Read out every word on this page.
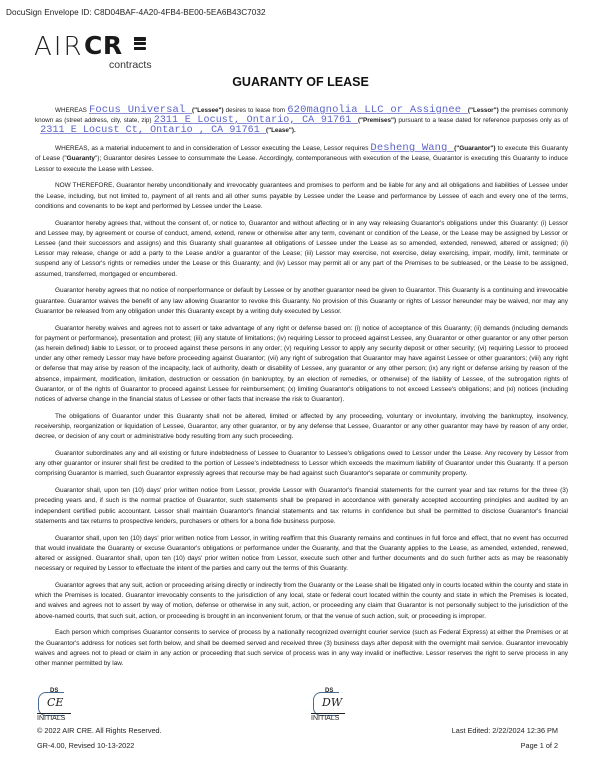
DocuSign Envelope ID: C8D04BAF-4A20-4FB4-BE00-5EA6B43C7032
AIR CR
contracts
GUARANTY OF LEASE

WHEREAS Focus Universal ("Lessee") desires to lease from 620magnolia LLC or Assignee ("Lessor") the premises commonly known as (street address, city, state, zip) 2311 E Locust, Ontario, CA 91761 ("Premises") pursuant to a lease dated for reference purposes only as of    2311 E Locust Ct, Ontario , CA 91761 ("Lease").

WHEREAS, as a material inducement to and in consideration of Lessor executing the Lease, Lessor requires Desheng Wang ("Guarantor") to execute this Guaranty of Lease ("Guaranty"); Guarantor desires Lessee to consummate the Lease. Accordingly, contemporaneous with execution of the Lease, Guarantor is executing this Guaranty to induce Lessor to execute the Lease with Lessee.

NOW THEREFORE, Guarantor hereby unconditionally and irrevocably guarantees and promises to perform and be liable for any and all obligations and liabilities of Lessee under the Lease, including, but not limited to, payment of all rents and all other sums payable by Lessee under the Lease and performance by Lessee of each and every one of the terms, conditions and covenants to be kept and performed by Lessee under the Lease.

Guarantor hereby agrees that, without the consent of, or notice to, Guarantor and without affecting or in any way releasing Guarantor's obligations under this Guaranty: (i) Lessor and Lessee may, by agreement or course of conduct, amend, extend, renew or otherwise alter any term, covenant or condition of the Lease, or the Lease may be assigned by Lessor or Lessee (and their successors and assigns) and this Guaranty shall guarantee all obligations of Lessee under the Lease as so amended, extended, renewed, altered or assigned; (ii) Lessor may release, change or add a party to the Lease and/or a guarantor of the Lease; (iii) Lessor may exercise, not exercise, delay exercising, impair, modify, limit, terminate or suspend any of Lessor's rights or remedies under the Lease or this Guaranty; and (iv) Lessor may permit all or any part of the Premises to be subleased, or the Lease to be assigned, assumed, transferred, mortgaged or encumbered.

Guarantor hereby agrees that no notice of nonperformance or default by Lessee or by another guarantor need be given to Guarantor. This Guaranty is a continuing and irrevocable guarantee. Guarantor waives the benefit of any law allowing Guarantor to revoke this Guaranty. No provision of this Guaranty or rights of Lessor hereunder may be waived, nor may any Guarantor be released from any obligation under this Guaranty except by a writing duly executed by Lessor.

Guarantor hereby waives and agrees not to assert or take advantage of any right or defense based on: (i) notice of acceptance of this Guaranty; (ii) demands (including demands for payment or performance), presentation and protest; (iii) any statute of limitations; (iv) requiring Lessor to proceed against Lessee, any Guarantor or other guarantor or any other person (as herein defined) liable to Lessor, or to proceed against these persons in any order; (v) requiring Lessor to apply any security deposit or other security; (vi) requiring Lessor to proceed under any other remedy Lessor may have before proceeding against Guarantor; (vii) any right of subrogation that Guarantor may have against Lessee or other guarantors; (viii) any right or defense that may arise by reason of the incapacity, lack of authority, death or disability of Lessee, any guarantor or any other person; (ix) any right or defense arising by reason of the absence, impairment, modification, limitation, destruction or cessation (in bankruptcy, by an election of remedies, or otherwise) of the liability of Lessee, of the subrogation rights of Guarantor, or of the rights of Guarantor to proceed against Lessee for reimbursement; (x) limiting Guarantor's obligations to not exceed Lessee's obligations; and (xi) notices (including notices of adverse change in the financial status of Lessee or other facts that increase the risk to Guarantor).

The obligations of Guarantor under this Guaranty shall not be altered, limited or affected by any proceeding, voluntary or involuntary, involving the bankruptcy, insolvency, receivership, reorganization or liquidation of Lessee, Guarantor, any other guarantor, or by any defense that Lessee, Guarantor or any other guarantor may have by reason of any order, decree, or decision of any court or administrative body resulting from any such proceeding.

Guarantor subordinates any and all existing or future indebtedness of Lessee to Guarantor to Lessee's obligations owed to Lessor under the Lease. Any recovery by Lessor from any other guarantor or insurer shall first be credited to the portion of Lessee's indebtedness to Lessor which exceeds the maximum liability of Guarantor under this Guaranty. If a person comprising Guarantor is married, such Guarantor expressly agrees that recourse may be had against such Guarantor's separate or community property.

Guarantor shall, upon ten (10) days' prior written notice from Lessor, provide Lessor with Guarantor's financial statements for the current year and tax returns for the three (3) preceding years and, if such is the normal practice of Guarantor, such statements shall be prepared in accordance with generally accepted accounting principles and audited by an independent certified public accountant. Lessor shall maintain Guarantor's financial statements and tax returns in confidence but shall be permitted to disclose Guarantor's financial statements and tax returns to prospective lenders, purchasers or others for a bona fide business purpose.

Guarantor shall, upon ten (10) days' prior written notice from Lessor, in writing reaffirm that this Guaranty remains and continues in full force and effect, that no event has occurred that would invalidate the Guaranty or excuse Guarantor's obligations or performance under the Guaranty, and that the Guaranty applies to the Lease, as amended, extended, renewed, altered or assigned. Guarantor shall, upon ten (10) days' prior written notice from Lessor, execute such other and further documents and do such further acts as may be reasonably necessary or required by Lessor to effectuate the intent of the parties and carry out the terms of this Guaranty.

Guarantor agrees that any suit, action or proceeding arising directly or indirectly from the Guaranty or the Lease shall be litigated only in courts located within the county and state in which the Premises is located. Guarantor irrevocably consents to the jurisdiction of any local, state or federal court located within the county and state in which the Premises is located, and waives and agrees not to assert by way of motion, defense or otherwise in any suit, action, or proceeding any claim that Guarantor is not personally subject to the jurisdiction of the above-named courts, that such suit, action, or proceeding is brought in an inconvenient forum, or that the venue of such action, suit, or proceeding is improper.

Each person which comprises Guarantor consents to service of process by a nationally recognized overnight courier service (such as Federal Express) at either the Premises or at the Guarantor's address for notices set forth below, and shall be deemed served and received three (3) business days after deposit with the overnight mail service. Guarantor irrevocably waives and agrees not to plead or claim in any action or proceeding that such service of process was in any way invalid or ineffective. Lessor reserves the right to serve process in any other manner permitted by law.

DS
CE
INITIALS
DS
DW
INITIALS
© 2022 AIR CRE. All Rights Reserved.
GR-4.00, Revised 10-13-2022
Last Edited: 2/22/2024 12:36 PM
Page 1 of 2
